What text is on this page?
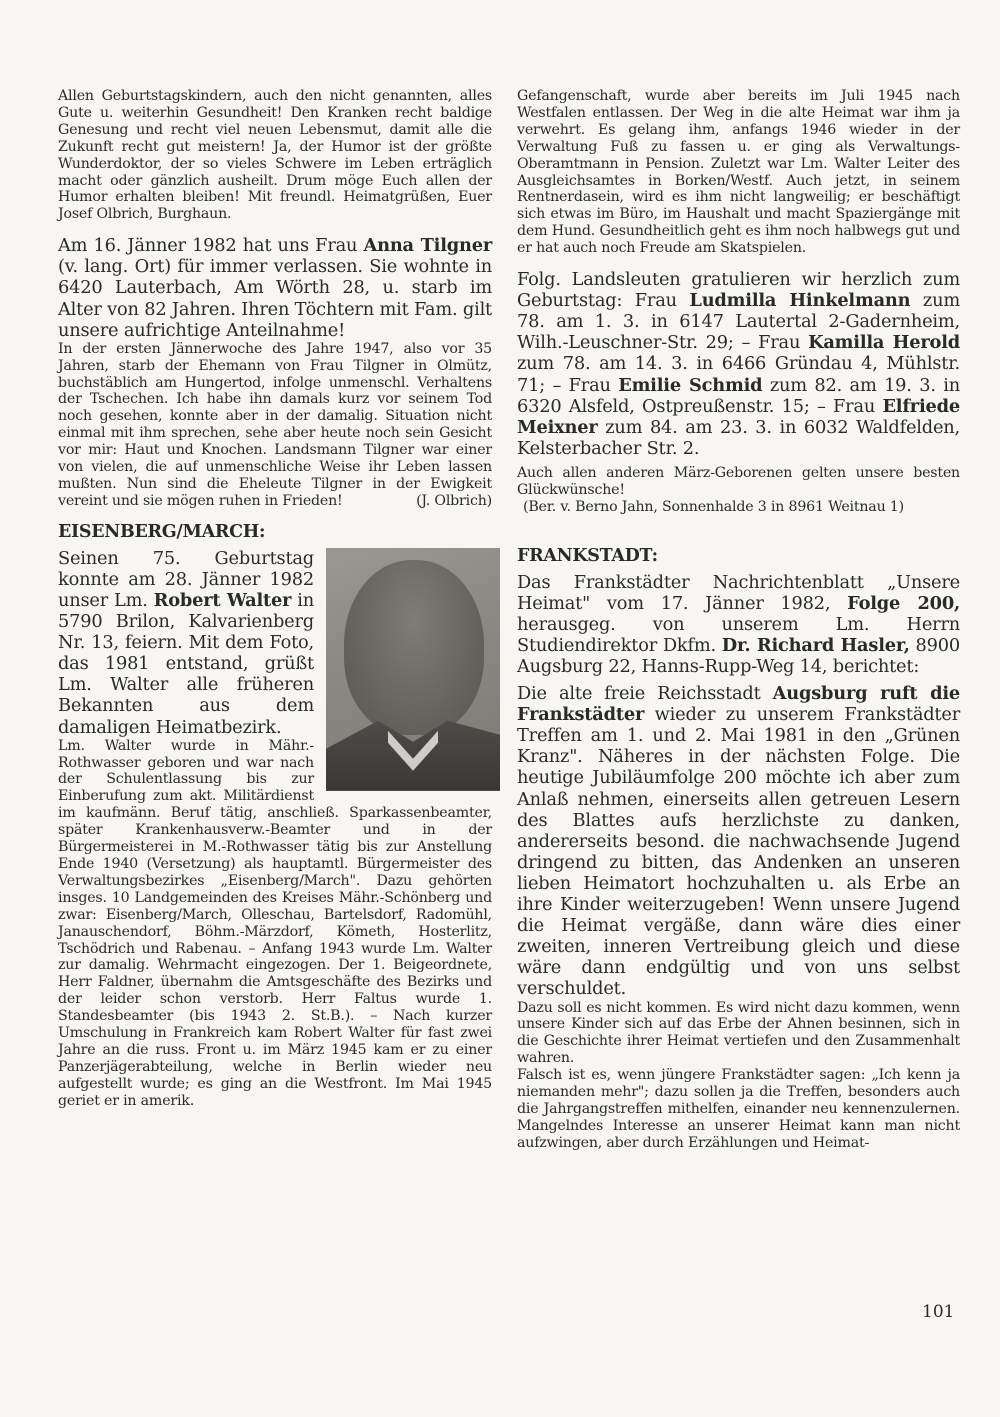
Allen Geburtstagskindern, auch den nicht genannten, alles Gute u. weiterhin Gesundheit! Den Kranken recht baldige Genesung und recht viel neuen Lebensmut, damit alle die Zukunft recht gut meistern! Ja, der Humor ist der größte Wunderdoktor, der so vieles Schwere im Leben erträglich macht oder gänzlich ausheilt. Drum möge Euch allen der Humor erhalten bleiben! Mit freundl. Heimatgrüßen, Euer Josef Olbrich, Burghaun.

Am 16. Jänner 1982 hat uns Frau Anna Tilgner (v. lang. Ort) für immer verlassen. Sie wohnte in 6420 Lauterbach, Am Wörth 28, u. starb im Alter von 82 Jahren. Ihren Töchtern mit Fam. gilt unsere aufrichtige Anteilnahme!

In der ersten Jännerwoche des Jahre 1947, also vor 35 Jahren, starb der Ehemann von Frau Tilgner in Olmütz, buchstäblich am Hungertod, infolge unmenschl. Verhaltens der Tschechen. Ich habe ihn damals kurz vor seinem Tod noch gesehen, konnte aber in der damalig. Situation nicht einmal mit ihm sprechen, sehe aber heute noch sein Gesicht vor mir: Haut und Knochen. Landsmann Tilgner war einer von vielen, die auf unmenschliche Weise ihr Leben lassen mußten. Nun sind die Eheleute Tilgner in der Ewigkeit vereint und sie mögen ruhen in Frieden!	(J. Olbrich)

EISENBERG/MARCH:

Seinen 75. Geburtstag konnte am 28. Jänner 1982 unser Lm. Robert Walter in 5790 Brilon, Kalvarienberg Nr. 13, feiern. Mit dem Foto, das 1981 entstand, grüßt Lm. Walter alle früheren Bekannten aus dem damaligen Heimatbezirk.

Lm. Walter wurde in Mähr.-Rothwasser geboren und war nach der Schulentlassung bis zur Einberufung zum akt. Militärdienst im kaufmänn. Beruf tätig, anschließ. Sparkassenbeamter, später Krankenhausverw.-Beamter und in der Bürgermeisterei in M.-Rothwasser tätig bis zur Anstellung Ende 1940 (Versetzung) als hauptamtl. Bürgermeister des Verwaltungsbezirkes „Eisenberg/March". Dazu gehörten insges. 10 Landgemeinden des Kreises Mähr.-Schönberg und zwar: Eisenberg/March, Olleschau, Bartelsdorf, Radomühl, Janauschendorf, Böhm.-Märzdorf, Kömeth, Hosterlitz, Tschödrich und Rabenau. – Anfang 1943 wurde Lm. Walter zur damalig. Wehrmacht eingezogen. Der 1. Beigeordnete, Herr Faldner, übernahm die Amtsgeschäfte des Bezirks und der leider schon verstorb. Herr Faltus wurde 1. Standesbeamter (bis 1943 2. St.B.). – Nach kurzer Umschulung in Frankreich kam Robert Walter für fast zwei Jahre an die russ. Front u. im März 1945 kam er zu einer Panzerjägerabteilung, welche in Berlin wieder neu aufgestellt wurde; es ging an die Westfront. Im Mai 1945 geriet er in amerik.

Gefangenschaft, wurde aber bereits im Juli 1945 nach Westfalen entlassen. Der Weg in die alte Heimat war ihm ja verwehrt. Es gelang ihm, anfangs 1946 wieder in der Verwaltung Fuß zu fassen u. er ging als Verwaltungs-Oberamtmann in Pension. Zuletzt war Lm. Walter Leiter des Ausgleichsamtes in Borken/Westf. Auch jetzt, in seinem Rentnerdasein, wird es ihm nicht langweilig; er beschäftigt sich etwas im Büro, im Haushalt und macht Spaziergänge mit dem Hund. Gesundheitlich geht es ihm noch halbwegs gut und er hat auch noch Freude am Skatspielen.

Folg. Landsleuten gratulieren wir herzlich zum Geburtstag: Frau Ludmilla Hinkelmann zum 78. am 1. 3. in 6147 Lautertal 2-Gadernheim, Wilh.-Leuschner-Str. 29; – Frau Kamilla Herold zum 78. am 14. 3. in 6466 Gründau 4, Mühlstr. 71; – Frau Emilie Schmid zum 82. am 19. 3. in 6320 Alsfeld, Ostpreußenstr. 15; – Frau Elfriede Meixner zum 84. am 23. 3. in 6032 Waldfelden, Kelsterbacher Str. 2.

Auch allen anderen März-Geborenen gelten unsere besten Glückwünsche!

(Ber. v. Berno Jahn, Sonnenhalde 3 in 8961 Weitnau 1)

FRANKSTADT:

Das Frankstädter Nachrichtenblatt „Unsere Heimat" vom 17. Jänner 1982, Folge 200, herausgeg. von unserem Lm. Herrn Studiendirektor Dkfm. Dr. Richard Hasler, 8900 Augsburg 22, Hanns-Rupp-Weg 14, berichtet:

Die alte freie Reichsstadt Augsburg ruft die Frankstädter wieder zu unserem Frankstädter Treffen am 1. und 2. Mai 1981 in den „Grünen Kranz". Näheres in der nächsten Folge. Die heutige Jubiläumfolge 200 möchte ich aber zum Anlaß nehmen, einerseits allen getreuen Lesern des Blattes aufs herzlichste zu danken, andererseits besond. die nachwachsende Jugend dringend zu bitten, das Andenken an unseren lieben Heimatort hochzuhalten u. als Erbe an ihre Kinder weiterzugeben! Wenn unsere Jugend die Heimat vergäße, dann wäre dies einer zweiten, inneren Vertreibung gleich und diese wäre dann endgültig und von uns selbst verschuldet.

Dazu soll es nicht kommen. Es wird nicht dazu kommen, wenn unsere Kinder sich auf das Erbe der Ahnen besinnen, sich in die Geschichte ihrer Heimat vertiefen und den Zusammenhalt wahren.

Falsch ist es, wenn jüngere Frankstädter sagen: „Ich kenn ja niemanden mehr"; dazu sollen ja die Treffen, besonders auch die Jahrgangstreffen mithelfen, einander neu kennenzulernen. Mangelndes Interesse an unserer Heimat kann man nicht aufzwingen, aber durch Erzählungen und Heimat-

101
